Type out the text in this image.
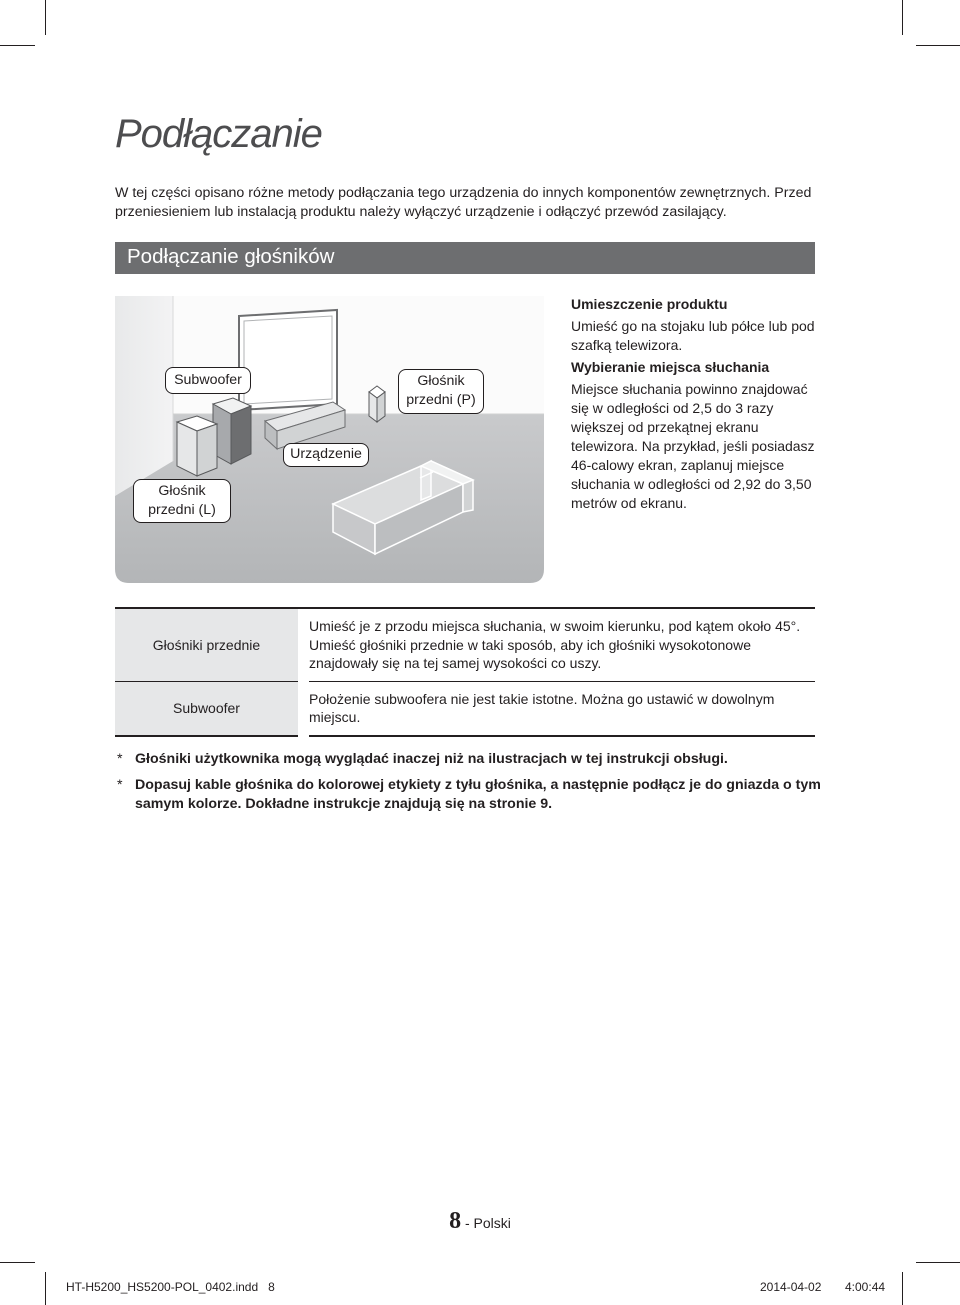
Podłączanie
W tej części opisano różne metody podłączania tego urządzenia do innych komponentów zewnętrznych. Przed przeniesieniem lub instalacją produktu należy wyłączyć urządzenie i odłączyć przewód zasilający.
Podłączanie głośników
Subwoofer	Głośnik
przedni (P)
Urządzenie
Głośnik
przedni (L)
Umieszczenie produktu

Umieść go na stojaku lub półce lub pod szafką telewizora.

Wybieranie miejsca słuchania

Miejsce słuchania powinno znajdować się w odległości od 2,5 do 3 razy większej od przekątnej ekranu telewizora. Na przykład, jeśli posiadasz 46-calowy ekran, zaplanuj miejsce słuchania w odległości od 2,92 do 3,50 metrów od ekranu.

Głośniki przednie		Umieść je z przodu miejsca słuchania, w swoim kierunku, pod kątem około 45°. Umieść głośniki przednie w taki sposób, aby ich głośniki wysokotonowe znajdowały się na tej samej wysokości co uszy.
Subwoofer		Położenie subwoofera nie jest takie istotne. Można go ustawić w dowolnym miejscu.
* Głośniki użytkownika mogą wyglądać inaczej niż na ilustracjach w tej instrukcji obsługi.
* Dopasuj kable głośnika do kolorowej etykiety z tyłu głośnika, a następnie podłącz je do gniazda o tym samym kolorze. Dokładne instrukcje znajdują się na stronie 9.
8 - Polski
HT-H5200_HS5200-POL_0402.indd   8	2014-04-02 4:00:44
